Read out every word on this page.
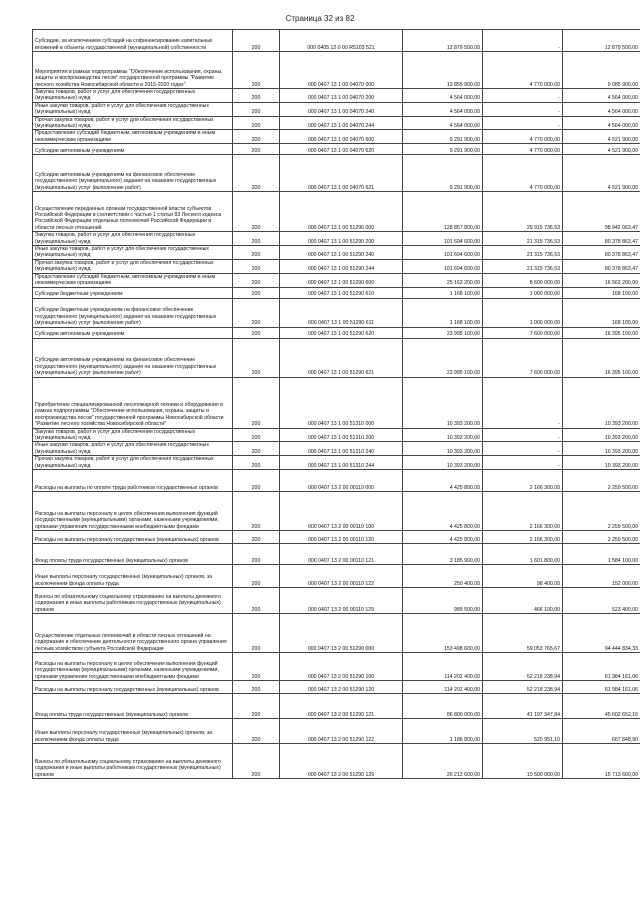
Страница 32 из 82
Субсидии, за исключением субсидий на софинансирование капитальных вложений в объекты государственной (муниципальной) собственности	200	000 0405 12 0 00 R5103 521	12 879 500,00	-	12 879 500,00
Мероприятия в рамках подпрограммы "Обеспечение использования, охраны, защиты и воспроизводства лесов" государственной программы "Развитие лесного хозяйства Новосибирской области в 2015-2020 годах"	200	000 0407 13 1 00 04070 000	13 855 900,00	4 770 000,00	9 085 900,00
Закупка товаров, работ и услуг для обеспечения государственных (муниципальных) нужд	200	000 0407 13 1 00 04070 200	4 564 000,00	-	4 564 000,00
Иные закупки товаров, работ и услуг для обеспечения государственных (муниципальных) нужд	200	000 0407 13 1 00 04070 240	4 564 000,00	-	4 564 000,00
Прочая закупка товаров, работ и услуг для обеспечения государственных (муниципальных) нужд	200	000 0407 13 1 00 04070 244	4 564 000,00	-	4 564 000,00
Предоставление субсидий бюджетным, автономным учреждениям и иным некоммерческим организациям	200	000 0407 13 1 00 04070 600	9 291 900,00	4 770 000,00	4 521 900,00
Субсидии автономным учреждениям	200	000 0407 13 1 00 04070 620	9 291 900,00	4 770 000,00	4 521 900,00
Субсидии автономным учреждениям на финансовое обеспечение государственного (муниципального) задания на оказание государственных (муниципальных) услуг (выполнение работ)	200	000 0407 13 1 00 04070 621	9 291 900,00	4 770 000,00	4 521 900,00
Осуществление переданных органам государственной власти субъектов Российской Федерации в соответствии с частью 1 статьи 83 Лесного кодекса Российской Федерации отдельных полномочий Российской Федерации в области лесных отношений	200	000 0407 13 1 00 51290 000	128 857 800,00	29 915 736,53	98 942 063,47
Закупка товаров, работ и услуг для обеспечения государственных (муниципальных) нужд	200	000 0407 13 1 00 51290 200	101 694 600,00	21 315 736,53	80 378 863,47
Иные закупки товаров, работ и услуг для обеспечения государственных (муниципальных) нужд	200	000 0407 13 1 00 51290 240	101 694 600,00	21 315 736,53	80 378 863,47
Прочая закупка товаров, работ и услуг для обеспечения государственных (муниципальных) нужд	200	000 0407 13 1 00 51290 244	101 694 600,00	21 315 736,53	80 378 863,47
Предоставление субсидий бюджетным, автономным учреждениям и иным некоммерческим организациям	200	000 0407 13 1 00 51290 600	25 163 200,00	8 600 000,00	16 563 200,00
Субсидии бюджетным учреждениям	200	000 0407 13 1 00 51290 610	1 168 100,00	1 000 000,00	168 100,00
Субсидии бюджетным учреждениям на финансовое обеспечение государственного (муниципального) задания на оказание государственных (муниципальных) услуг (выполнение работ)	200	000 0407 13 1 00 51290 611	1 168 100,00	1 000 000,00	168 100,00
Субсидии автономным учреждениям	200	000 0407 13 1 00 51290 620	23 995 100,00	7 600 000,00	16 395 100,00
Субсидии автономным учреждениям на финансовое обеспечение государственного (муниципального) задания на оказание государственных (муниципальных) услуг (выполнение работ)	200	000 0407 13 1 00 51290 621	23 995 100,00	7 600 000,00	16 395 100,00
Приобретение специализированной лесопожарной техники и оборудования в рамках подпрограммы "Обеспечение использования, охраны, защиты и воспроизводства лесов" государственной программы Новосибирской области "Развитие лесного хозяйства Новосибирской области"	200	000 0407 13 1 00 51310 000	10 393 200,00	-	10 393 200,00
Закупка товаров, работ и услуг для обеспечения государственных (муниципальных) нужд	200	000 0407 13 1 00 51310 200	10 393 200,00	-	10 393 200,00
Иные закупки товаров, работ и услуг для обеспечения государственных (муниципальных) нужд	200	000 0407 13 1 00 51310 240	10 393 200,00	-	10 393 200,00
Прочая закупка товаров, работ и услуг для обеспечения государственных (муниципальных) нужд	200	000 0407 13 1 00 51310 244	10 393 200,00	-	10 393 200,00
Расходы на выплаты по оплате труда работников государственных органов	200	000 0407 13 2 00 00110 000	4 425 800,00	2 166 300,00	2 259 500,00
Расходы на выплаты персоналу в целях обеспечения выполнения функций государственными (муниципальными) органами, казенными учреждениями, органами управления государственными внебюджетными фондами	200	000 0407 13 2 00 00110 100	4 425 800,00	2 166 300,00	2 259 500,00
Расходы на выплаты персоналу государственных (муниципальных) органов	200	000 0407 13 2 00 00110 120	4 425 800,00	2 166 300,00	2 259 500,00
Фонд оплаты труда государственных (муниципальных) органов	200	000 0407 13 2 00 00110 121	3 185 900,00	1 601 800,00	1 584 100,00
Иные выплаты персоналу государственных (муниципальных) органов, за исключением фонда оплаты труда	200	000 0407 13 2 00 00110 122	250 400,00	98 400,00	152 000,00
Взносы по обязательному социальному страхованию на выплаты денежного содержания и иные выплаты работникам государственных (муниципальных) органов	200	000 0407 13 2 00 00110 129	989 500,00	466 100,00	523 400,00
Осуществление отдельных полномочий в области лесных отношений на содержание и обеспечение деятельности государственного органа управления лесным хозяйством субъекта Российской Федерации	200	000 0407 13 2 00 51290 000	153 498 600,00	59 053 765,67	94 444 834,33
Расходы на выплаты персоналу в целях обеспечения выполнения функций государственными (муниципальными) органами, казенными учреждениями, органами управления государственными внебюджетными фондами	200	000 0407 13 2 00 51290 100	114 202 400,00	52 218 238,94	61 984 161,06
Расходы на выплаты персоналу государственных (муниципальных) органов	200	000 0407 13 2 00 51290 120	114 202 400,00	52 218 238,94	61 984 161,06
Фонд оплаты труда государственных (муниципальных) органов	200	000 0407 13 2 00 51290 121	86 800 000,00	41 197 347,84	45 602 652,16
Иные выплаты персоналу государственных (муниципальных) органов, за исключением фонда оплаты труда	200	000 0407 13 2 00 51290 122	1 188 800,00	520 951,10	667 848,90
Взносы по обязательному социальному страхованию на выплаты денежного содержания и иные выплаты работникам государственных (муниципальных) органов	200	000 0407 13 2 00 51290 129	26 213 600,00	10 500 000,00	15 713 600,00
